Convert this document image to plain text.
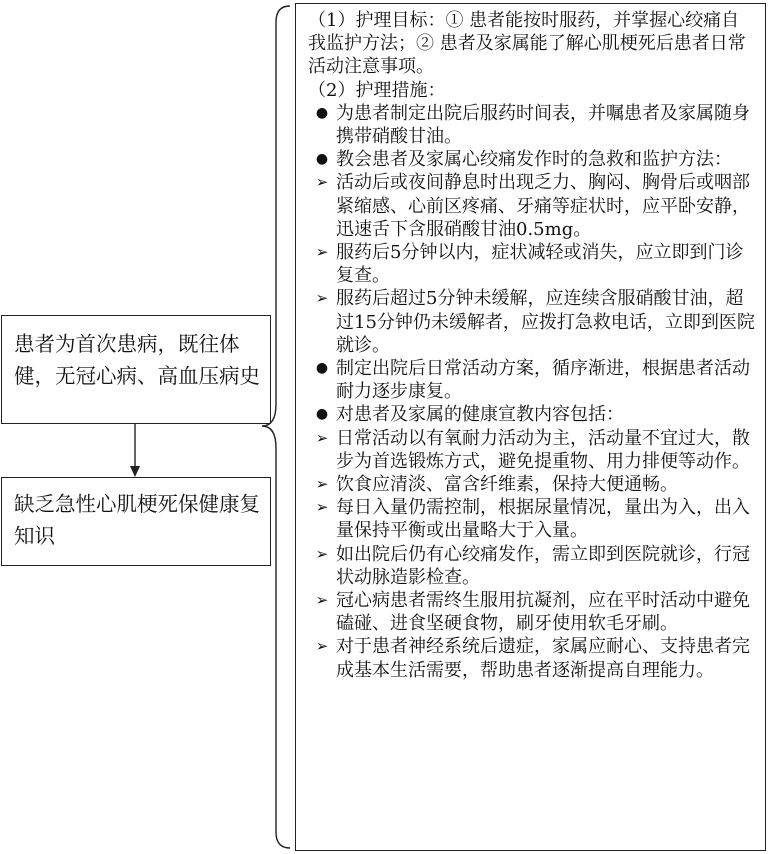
患者为首次患病，既往体健，无冠心病、高血压病史
缺乏急性心肌梗死保健康复知识

（1）护理目标：① 患者能按时服药，并掌握心绞痛自我监护方法；② 患者及家属能了解心肌梗死后患者日常活动注意事项。

（2）护理措施：

● 为患者制定出院后服药时间表，并嘱患者及家属随身携带硝酸甘油。
● 教会患者及家属心绞痛发作时的急救和监护方法：
➢ 活动后或夜间静息时出现乏力、胸闷、胸骨后或咽部紧缩感、心前区疼痛、牙痛等症状时，应平卧安静，迅速舌下含服硝酸甘油0.5mg。
➢ 服药后5分钟以内，症状减轻或消失，应立即到门诊复查。
➢ 服药后超过5分钟未缓解，应连续含服硝酸甘油，超过15分钟仍未缓解者，应拨打急救电话，立即到医院就诊。
● 制定出院后日常活动方案，循序渐进，根据患者活动耐力逐步康复。
● 对患者及家属的健康宣教内容包括：
➢ 日常活动以有氧耐力活动为主，活动量不宜过大，散步为首选锻炼方式，避免提重物、用力排便等动作。
➢ 饮食应清淡、富含纤维素，保持大便通畅。
➢ 每日入量仍需控制，根据尿量情况，量出为入，出入量保持平衡或出量略大于入量。
➢ 如出院后仍有心绞痛发作，需立即到医院就诊，行冠状动脉造影检查。
➢ 冠心病患者需终生服用抗凝剂，应在平时活动中避免磕碰、进食坚硬食物，刷牙使用软毛牙刷。
➢ 对于患者神经系统后遗症，家属应耐心、支持患者完成基本生活需要，帮助患者逐渐提高自理能力。
